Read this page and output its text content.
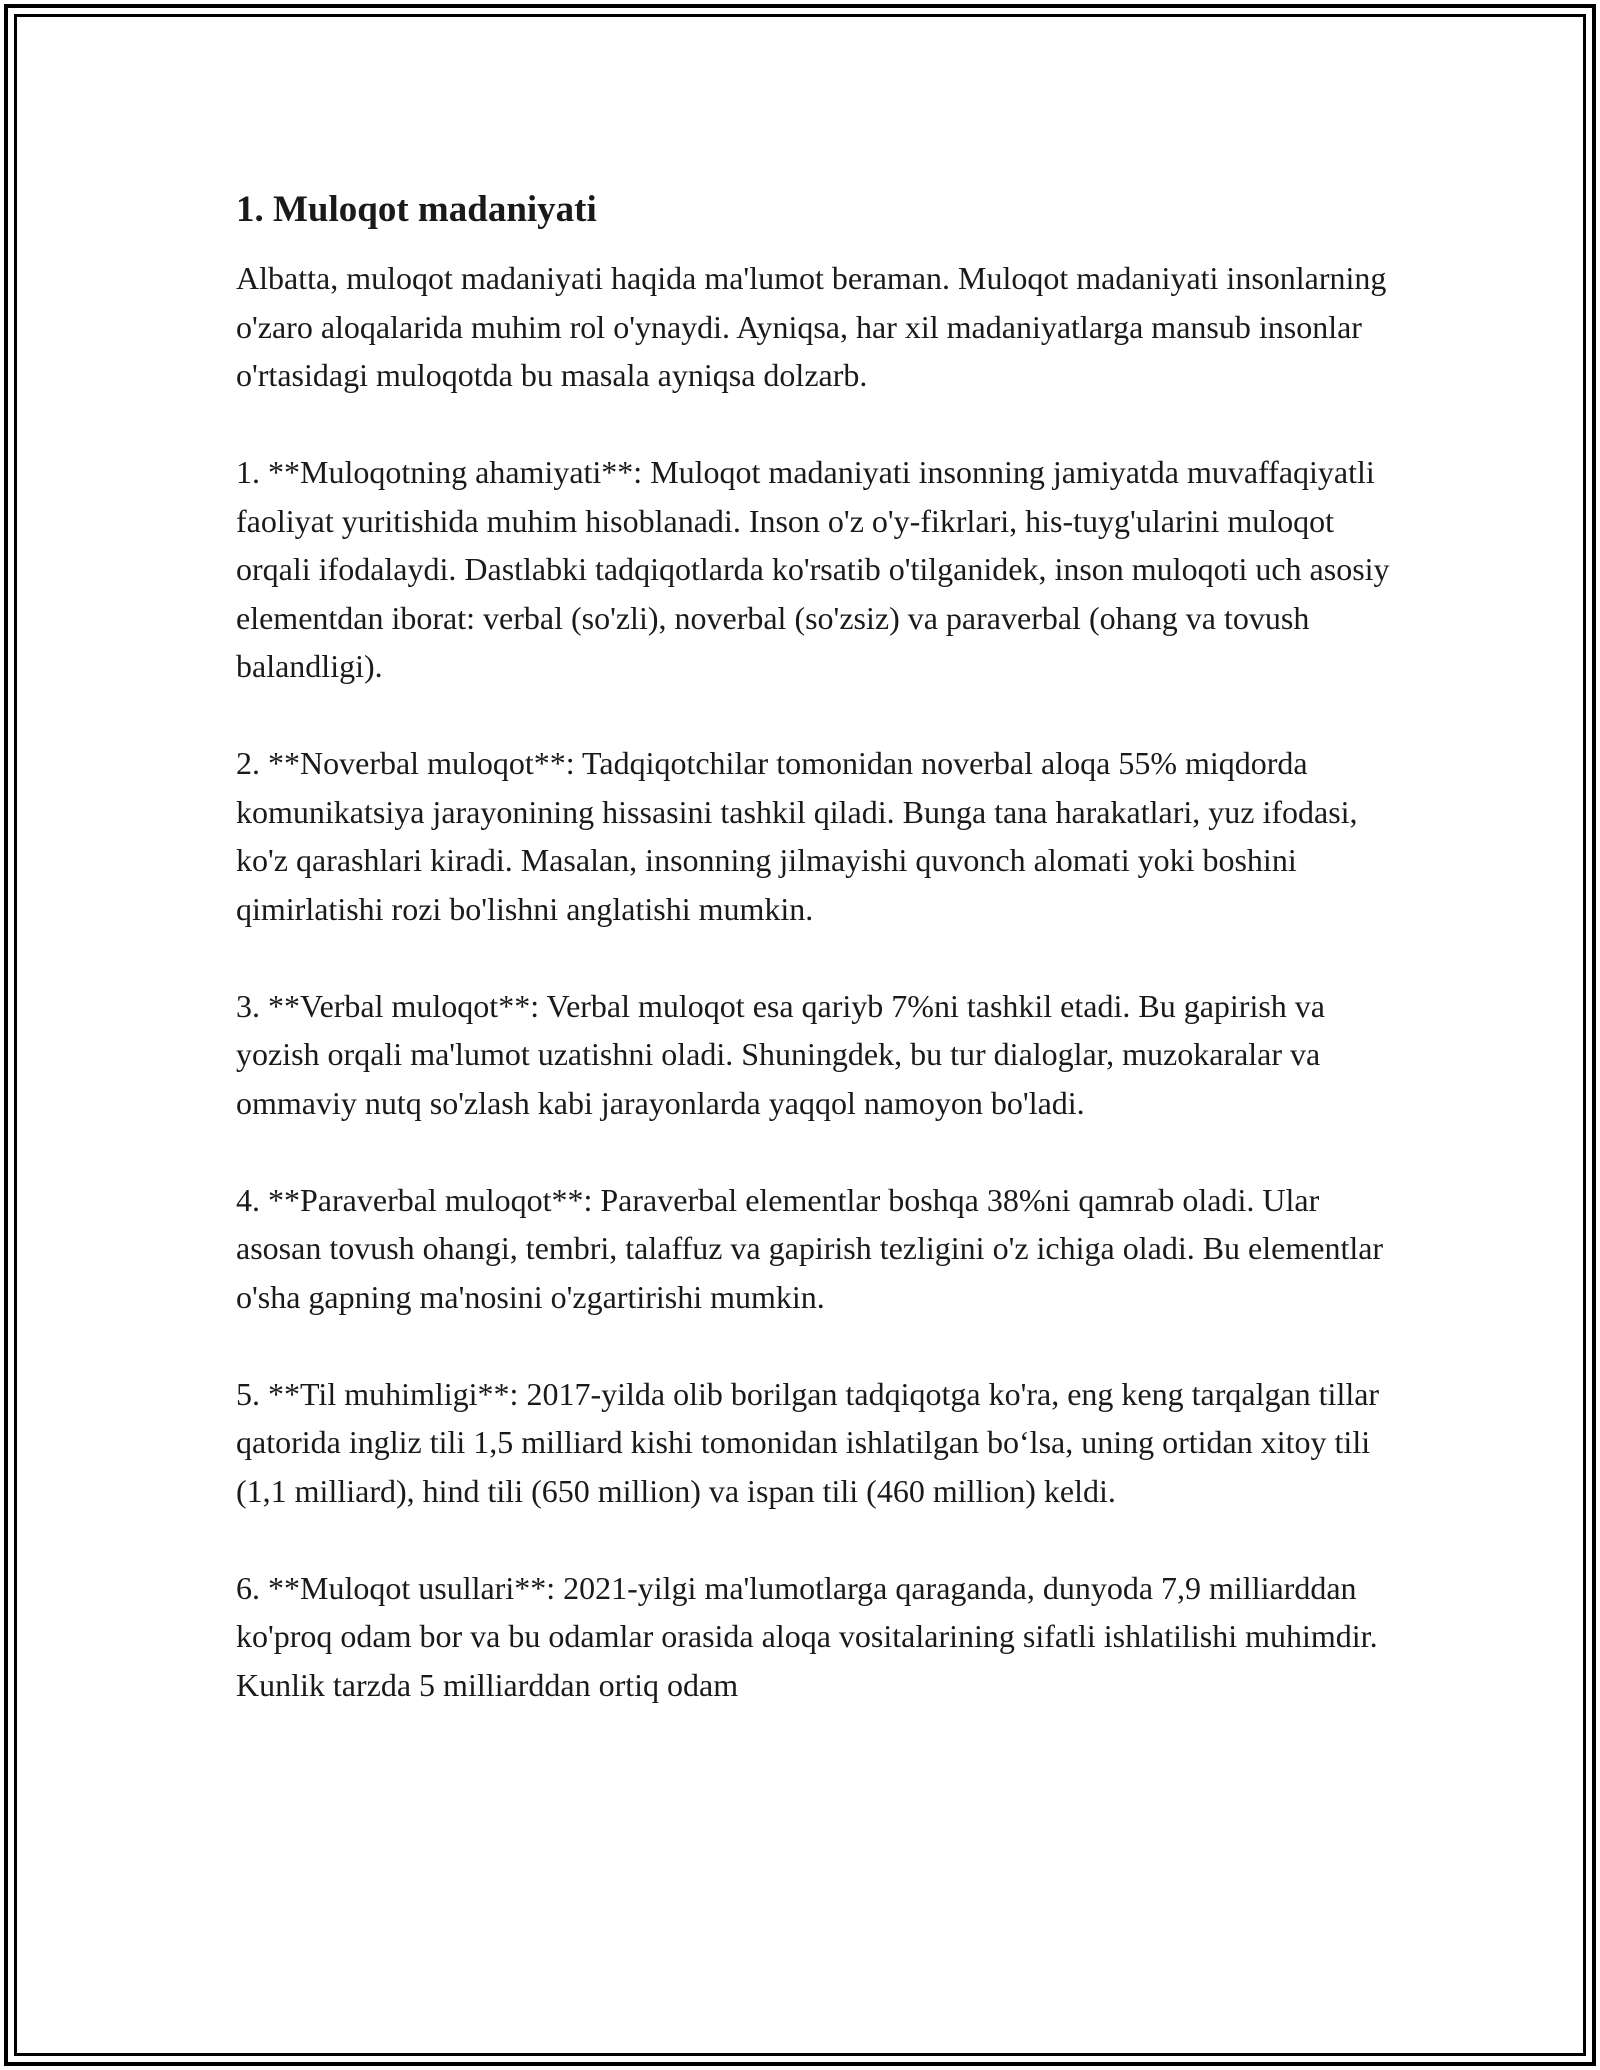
1. Muloqot madaniyati

Albatta, muloqot madaniyati haqida ma'lumot beraman. Muloqot madaniyati insonlarning o'zaro aloqalarida muhim rol o'ynaydi. Ayniqsa, har xil madaniyatlarga mansub insonlar o'rtasidagi muloqotda bu masala ayniqsa dolzarb.

1. **Muloqotning ahamiyati**: Muloqot madaniyati insonning jamiyatda muvaffaqiyatli faoliyat yuritishida muhim hisoblanadi. Inson o'z o'y-fikrlari, his-tuyg'ularini muloqot orqali ifodalaydi. Dastlabki tadqiqotlarda ko'rsatib o'tilganidek, inson muloqoti uch asosiy elementdan iborat: verbal (so'zli), noverbal (so'zsiz) va paraverbal (ohang va tovush balandligi).

2. **Noverbal muloqot**: Tadqiqotchilar tomonidan noverbal aloqa 55% miqdorda komunikatsiya jarayonining hissasini tashkil qiladi. Bunga tana harakatlari, yuz ifodasi, ko'z qarashlari kiradi. Masalan, insonning jilmayishi quvonch alomati yoki boshini qimirlatishi rozi bo'lishni anglatishi mumkin.

3. **Verbal muloqot**: Verbal muloqot esa qariyb 7%ni tashkil etadi. Bu gapirish va yozish orqali ma'lumot uzatishni oladi. Shuningdek, bu tur dialoglar, muzokaralar va ommaviy nutq so'zlash kabi jarayonlarda yaqqol namoyon bo'ladi.

4. **Paraverbal muloqot**: Paraverbal elementlar boshqa 38%ni qamrab oladi. Ular asosan tovush ohangi, tembri, talaffuz va gapirish tezligini o'z ichiga oladi. Bu elementlar o'sha gapning ma'nosini o'zgartirishi mumkin.

5. **Til muhimligi**: 2017-yilda olib borilgan tadqiqotga ko'ra, eng keng tarqalgan tillar qatorida ingliz tili 1,5 milliard kishi tomonidan ishlatilgan bo‘lsa, uning ortidan xitoy tili (1,1 milliard), hind tili (650 million) va ispan tili (460 million) keldi.

6. **Muloqot usullari**: 2021-yilgi ma'lumotlarga qaraganda, dunyoda 7,9 milliarddan ko'proq odam bor va bu odamlar orasida aloqa vositalarining sifatli ishlatilishi muhimdir. Kunlik tarzda 5 milliarddan ortiq odam
